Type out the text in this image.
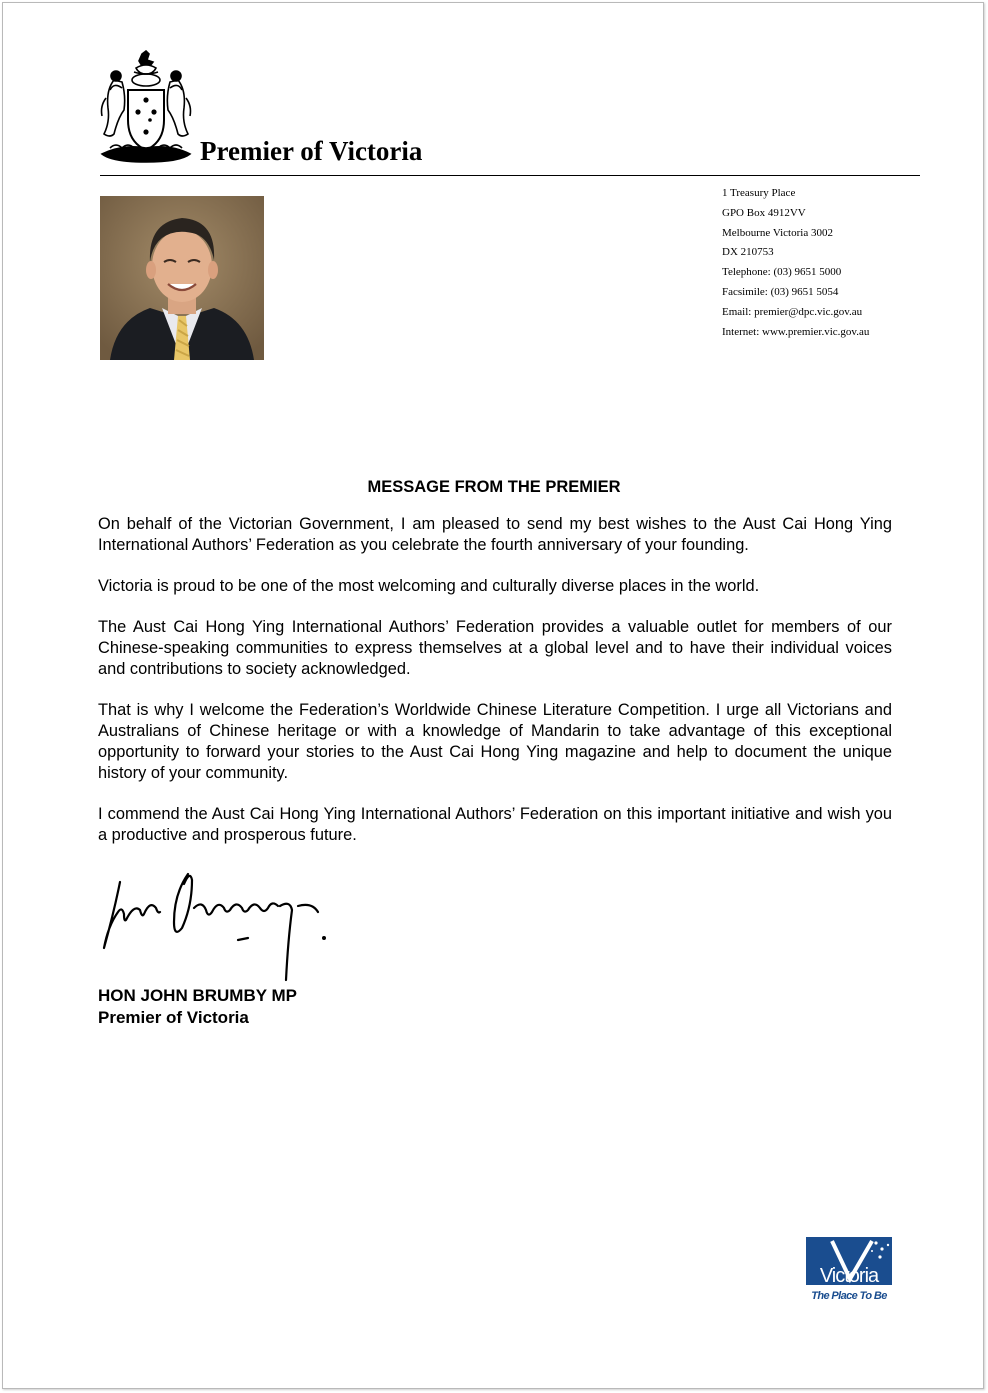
Premier of Victoria
1 Treasury Place
GPO Box 4912VV
Melbourne Victoria 3002
DX 210753
Telephone: (03) 9651 5000
Facsimile: (03) 9651 5054
Email: premier@dpc.vic.gov.au
Internet: www.premier.vic.gov.au
MESSAGE FROM THE PREMIER

On behalf of the Victorian Government, I am pleased to send my best wishes to the Aust Cai Hong Ying International Authors’ Federation as you celebrate the fourth anniversary of your founding.

Victoria is proud to be one of the most welcoming and culturally diverse places in the world.

The Aust Cai Hong Ying International Authors’ Federation provides a valuable outlet for members of our Chinese-speaking communities to express themselves at a global level and to have their individual voices and contributions to society acknowledged.

That is why I welcome the Federation’s Worldwide Chinese Literature Competition. I urge all Victorians and Australians of Chinese heritage or with a knowledge of Mandarin to take advantage of this exceptional opportunity to forward your stories to the Aust Cai Hong Ying magazine and help to document the unique history of your community.

I commend the Aust Cai Hong Ying International Authors’ Federation on this important initiative and wish you a productive and prosperous future.

HON JOHN BRUMBY MP
Premier of Victoria
Victoria
The Place To Be
